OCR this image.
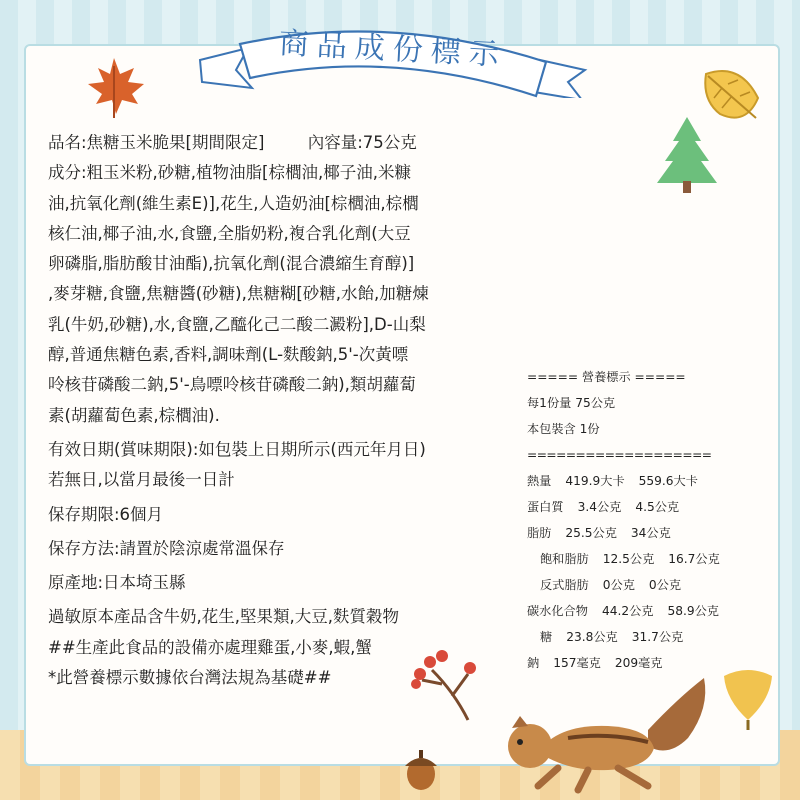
商品成份標示
品名:焦糖玉米脆果[期間限定]	內容量:75公克
成分:粗玉米粉,砂糖,植物油脂[棕櫚油,椰子油,米糠
油,抗氧化劑(維生素E)],花生,人造奶油[棕櫚油,棕櫚
核仁油,椰子油,水,食鹽,全脂奶粉,複合乳化劑(大豆
卵磷脂,脂肪酸甘油酯),抗氧化劑(混合濃縮生育醇)]
,麥芽糖,食鹽,焦糖醬(砂糖),焦糖糊[砂糖,水飴,加糖煉
乳(牛奶,砂糖),水,食鹽,乙醯化己二酸二澱粉],D-山梨
醇,普通焦糖色素,香料,調味劑(L-麩酸鈉,5'-次黃嘌
呤核苷磷酸二鈉,5'-鳥嘌呤核苷磷酸二鈉),類胡蘿蔔
素(胡蘿蔔色素,棕櫚油).
有效日期(賞味期限):如包裝上日期所示(西元年月日)
若無日,以當月最後一日計
保存期限:6個月
保存方法:請置於陰涼處常溫保存
原產地:日本埼玉縣
過敏原本產品含牛奶,花生,堅果類,大豆,麩質穀物
##生產此食品的設備亦處理雞蛋,小麥,蝦,蟹
*此營養標示數據依台灣法規為基礎##
===== 營養標示 =====
每1份量 75公克
本包裝含 1份
===================
熱量 419.9大卡 559.6大卡
蛋白質 3.4公克 4.5公克
脂肪 25.5公克 34公克
飽和脂肪 12.5公克 16.7公克
反式脂肪 0公克 0公克
碳水化合物 44.2公克 58.9公克
糖 23.8公克 31.7公克
鈉 157毫克 209毫克
